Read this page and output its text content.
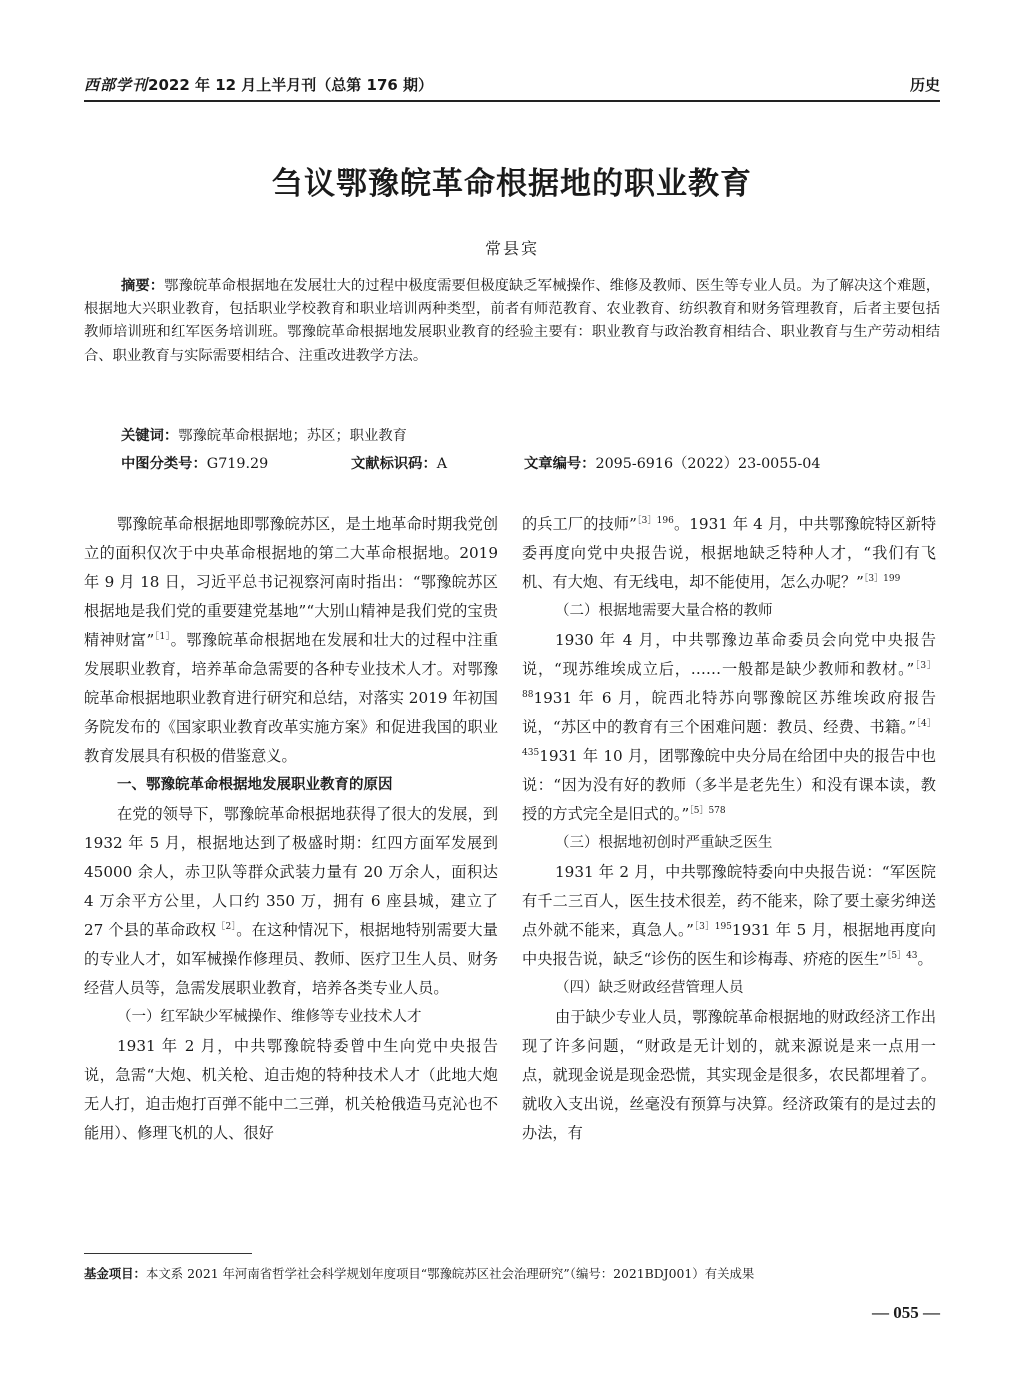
西部学刊2022 年 12 月上半月刊（总第 176 期）	历史
刍议鄂豫皖革命根据地的职业教育
常县宾
摘要：鄂豫皖革命根据地在发展壮大的过程中极度需要但极度缺乏军械操作、维修及教师、医生等专业人员。为了解决这个难题，根据地大兴职业教育，包括职业学校教育和职业培训两种类型，前者有师范教育、农业教育、纺织教育和财务管理教育，后者主要包括教师培训班和红军医务培训班。鄂豫皖革命根据地发展职业教育的经验主要有：职业教育与政治教育相结合、职业教育与生产劳动相结合、职业教育与实际需要相结合、注重改进教学方法。
关键词：鄂豫皖革命根据地；苏区；职业教育
中图分类号：G719.29	文献标识码：A	文章编号：2095-6916（2022）23-0055-04

鄂豫皖革命根据地即鄂豫皖苏区，是土地革命时期我党创立的面积仅次于中央革命根据地的第二大革命根据地。2019 年 9 月 18 日，习近平总书记视察河南时指出：“鄂豫皖苏区根据地是我们党的重要建党基地”“大别山精神是我们党的宝贵精神财富”$^{[1]}$。鄂豫皖革命根据地在发展和壮大的过程中注重发展职业教育，培养革命急需要的各种专业技术人才。对鄂豫皖革命根据地职业教育进行研究和总结，对落实 2019 年初国务院发布的《国家职业教育改革实施方案》和促进我国的职业教育发展具有积极的借鉴意义。

一、鄂豫皖革命根据地发展职业教育的原因

在党的领导下，鄂豫皖革命根据地获得了很大的发展，到 1932 年 5 月，根据地达到了极盛时期：红四方面军发展到 45000 余人，赤卫队等群众武装力量有 20 万余人，面积达 4 万余平方公里，人口约 350 万，拥有 6 座县城，建立了 27 个县的革命政权$^{[2]}$。在这种情况下，根据地特别需要大量的专业人才，如军械操作修理员、教师、医疗卫生人员、财务经营人员等，急需发展职业教育，培养各类专业人员。

（一）红军缺少军械操作、维修等专业技术人才

1931 年 2 月，中共鄂豫皖特委曾中生向党中央报告说，急需“大炮、机关枪、迫击炮的特种技术人才（此地大炮无人打，迫击炮打百弹不能中二三弹，机关枪俄造马克沁也不能用）、修理飞机的人、很好

的兵工厂的技师”$^{[3]196}$。1931 年 4 月，中共鄂豫皖特区新特委再度向党中央报告说，根据地缺乏特种人才，“我们有飞机、有大炮、有无线电，却不能使用，怎么办呢？”$^{[3]199}$

（二）根据地需要大量合格的教师

1930 年 4 月，中共鄂豫边革命委员会向党中央报告说，“现苏维埃成立后，……一般都是缺少教师和教材。”$^{[3]88}$1931 年 6 月，皖西北特苏向鄂豫皖区苏维埃政府报告说，“苏区中的教育有三个困难问题：教员、经费、书籍。”$^{[4]435}$1931 年 10 月，团鄂豫皖中央分局在给团中央的报告中也说：“因为没有好的教师（多半是老先生）和没有课本读，教授的方式完全是旧式的。”$^{[5]578}$

（三）根据地初创时严重缺乏医生

1931 年 2 月，中共鄂豫皖特委向中央报告说：“军医院有千二三百人，医生技术很差，药不能来，除了要土豪劣绅送点外就不能来，真急人。”$^{[3]195}$1931 年 5 月，根据地再度向中央报告说，缺乏“诊伤的医生和诊梅毒、疥疮的医生”$^{[5]43}$。

（四）缺乏财政经营管理人员

由于缺少专业人员，鄂豫皖革命根据地的财政经济工作出现了许多问题，“财政是无计划的，就来源说是来一点用一点，就现金说是现金恐慌，其实现金是很多，农民都埋着了。就收入支出说，丝毫没有预算与决算。经济政策有的是过去的办法，有

基金项目：本文系 2021 年河南省哲学社会科学规划年度项目“鄂豫皖苏区社会治理研究”（编号：2021BDJ001）有关成果
— 055 —
